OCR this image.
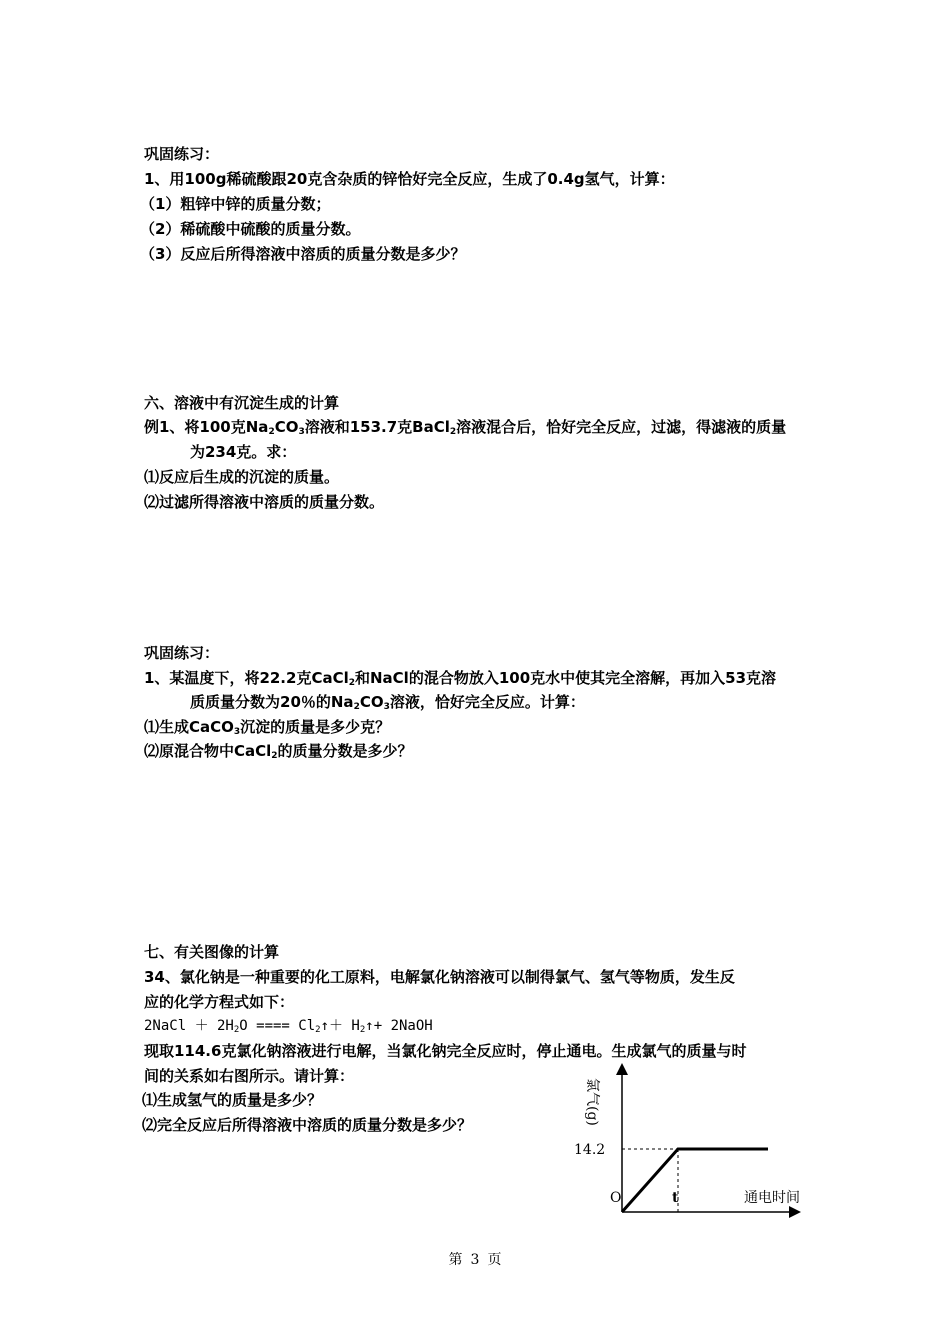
巩固练习：
1、用100g稀硫酸跟20克含杂质的锌恰好完全反应，生成了0.4g氢气，计算：
（1）粗锌中锌的质量分数；
（2）稀硫酸中硫酸的质量分数。
（3）反应后所得溶液中溶质的质量分数是多少？
六、溶液中有沉淀生成的计算
例1、将100克$Na_2CO_3$溶液和153.7克BaCl$_2$溶液混合后，恰好完全反应，过滤，得滤液的质量
为234克。求：
⑴反应后生成的沉淀的质量。
⑵过滤所得溶液中溶质的质量分数。
巩固练习：
1、某温度下，将22.2克CaCl$_2$和NaCl的混合物放入100克水中使其完全溶解，再加入53克溶
质质量分数为20％的$Na_2CO_3$溶液，恰好完全反应。计算：
⑴生成CaCO$_3$沉淀的质量是多少克？
⑵原混合物中CaCl$_2$的质量分数是多少？
七、有关图像的计算
34、氯化钠是一种重要的化工原料，电解氯化钠溶液可以制得氯气、氢气等物质，发生反
应的化学方程式如下：
2NaCl ＋ $2H_2O$ ==== $Cl_2↑+$ $H_2↑+$ 2NaOH
现取114.6克氯化钠溶液进行电解，当氯化钠完全反应时，停止通电。生成氯气的质量与时
间的关系如右图所示。请计算：
⑴生成氢气的质量是多少？
⑵完全反应后所得溶液中溶质的质量分数是多少？	氯气(g)
14.2
O	t	通电时间
第 3 页
